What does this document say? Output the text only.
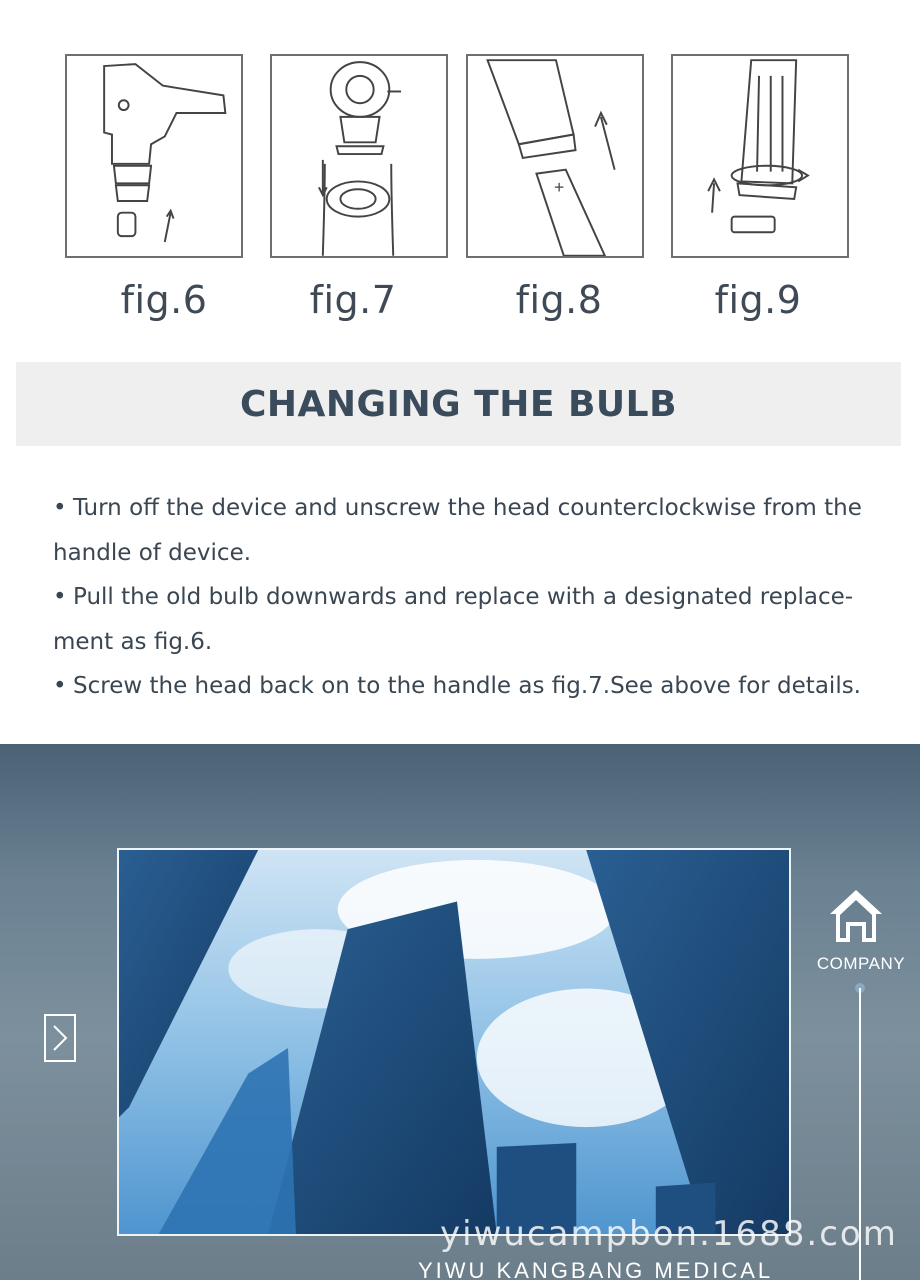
+
fig.6	fig.7	fig.8	fig.9
CHANGING THE BULB

• Turn off the device and unscrew the head counterclockwise from the handle of device.

• Pull the old bulb downwards and replace with a designated replace-ment as fig.6.

• Screw the head back on to the handle as fig.7.See above for details.

COMPANY
yiwucampbon.1688.com
YIWU KANGBANG MEDICAL
